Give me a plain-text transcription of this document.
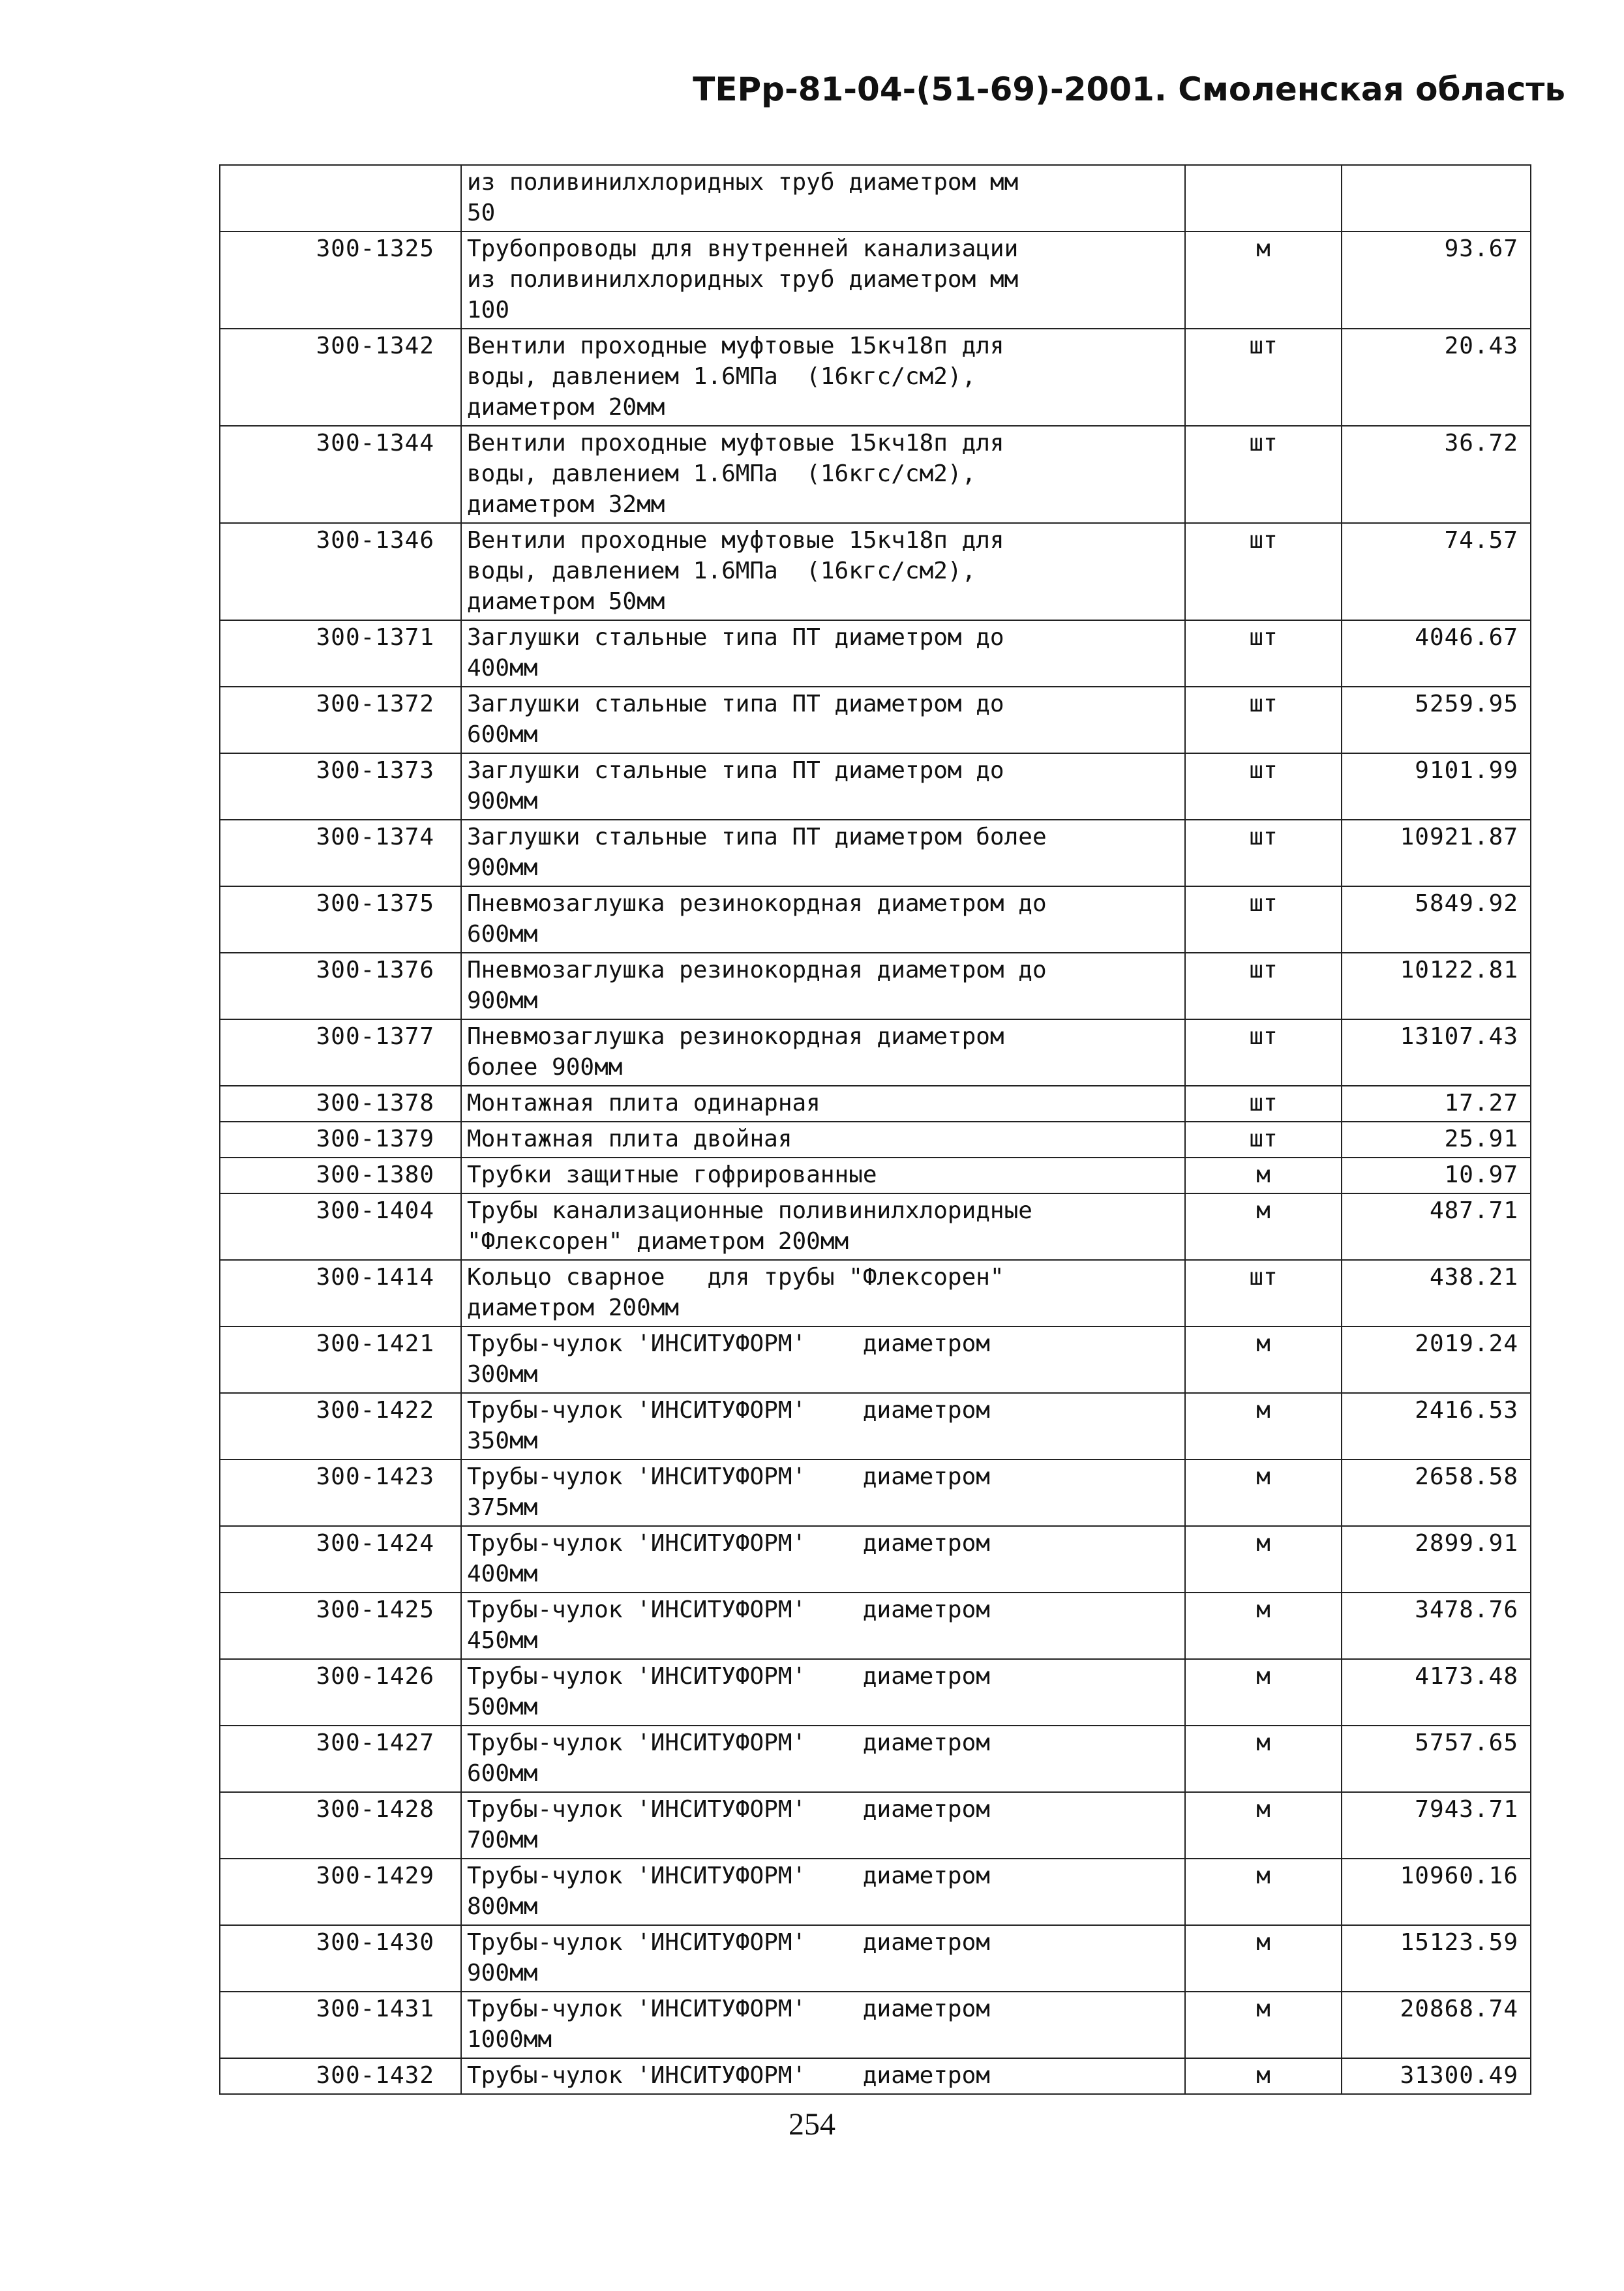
ТЕРр-81-04-(51-69)-2001. Смоленская область
	из поливинилхлоридных труб диаметром мм
50		
300-1325	Трубопроводы для внутренней канализации
из поливинилхлоридных труб диаметром мм
100	м	93.67
300-1342	Вентили проходные муфтовые 15кч18п для
воды, давлением 1.6МПа  (16кгс/см2),
диаметром 20мм	шт	20.43
300-1344	Вентили проходные муфтовые 15кч18п для
воды, давлением 1.6МПа  (16кгс/см2),
диаметром 32мм	шт	36.72
300-1346	Вентили проходные муфтовые 15кч18п для
воды, давлением 1.6МПа  (16кгс/см2),
диаметром 50мм	шт	74.57
300-1371	Заглушки стальные типа ПТ диаметром до
400мм	шт	4046.67
300-1372	Заглушки стальные типа ПТ диаметром до
600мм	шт	5259.95
300-1373	Заглушки стальные типа ПТ диаметром до
900мм	шт	9101.99
300-1374	Заглушки стальные типа ПТ диаметром более
900мм	шт	10921.87
300-1375	Пневмозаглушка резинокордная диаметром до
600мм	шт	5849.92
300-1376	Пневмозаглушка резинокордная диаметром до
900мм	шт	10122.81
300-1377	Пневмозаглушка резинокордная диаметром
более 900мм	шт	13107.43
300-1378	Монтажная плита одинарная	шт	17.27
300-1379	Монтажная плита двойная	шт	25.91
300-1380	Трубки защитные гофрированные	м	10.97
300-1404	Трубы канализационные поливинилхлоридные
"Флексорен" диаметром 200мм	м	487.71
300-1414	Кольцо сварное   для трубы "Флексорен"
диаметром 200мм	шт	438.21
300-1421	Трубы-чулок 'ИНСИТУФОРМ'    диаметром
300мм	м	2019.24
300-1422	Трубы-чулок 'ИНСИТУФОРМ'    диаметром
350мм	м	2416.53
300-1423	Трубы-чулок 'ИНСИТУФОРМ'    диаметром
375мм	м	2658.58
300-1424	Трубы-чулок 'ИНСИТУФОРМ'    диаметром
400мм	м	2899.91
300-1425	Трубы-чулок 'ИНСИТУФОРМ'    диаметром
450мм	м	3478.76
300-1426	Трубы-чулок 'ИНСИТУФОРМ'    диаметром
500мм	м	4173.48
300-1427	Трубы-чулок 'ИНСИТУФОРМ'    диаметром
600мм	м	5757.65
300-1428	Трубы-чулок 'ИНСИТУФОРМ'    диаметром
700мм	м	7943.71
300-1429	Трубы-чулок 'ИНСИТУФОРМ'    диаметром
800мм	м	10960.16
300-1430	Трубы-чулок 'ИНСИТУФОРМ'    диаметром
900мм	м	15123.59
300-1431	Трубы-чулок 'ИНСИТУФОРМ'    диаметром
1000мм	м	20868.74
300-1432	Трубы-чулок 'ИНСИТУФОРМ'    диаметром	м	31300.49
254
